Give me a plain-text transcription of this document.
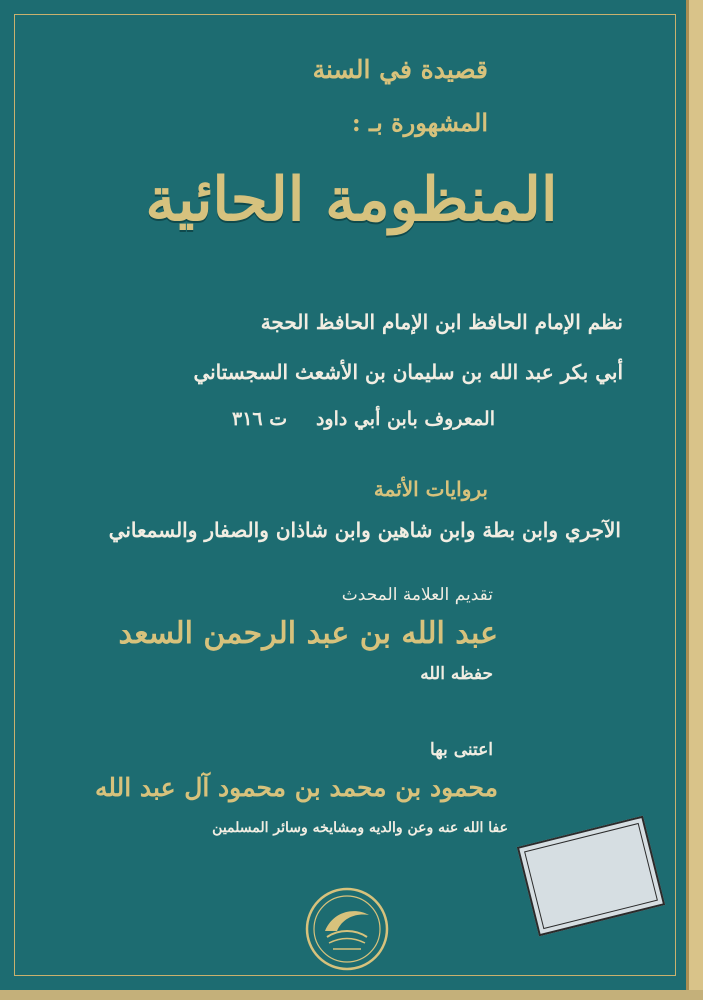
قصيدة في السنة
المشهورة بـ :
المنظومة الحائية
نظم الإمام الحافظ ابن الإمام الحافظ الحجة
أبي بكر عبد الله بن سليمان بن الأشعث السجستاني
المعروف بابن أبي داود
ت ٣١٦
بروايات الأئمة
الآجري وابن بطة وابن شاهين وابن شاذان والصفار والسمعاني
تقديم العلامة المحدث
عبد الله بن عبد الرحمن السعد
حفظه الله
اعتنى بها
محمود بن محمد بن محمود آل عبد الله
عفا الله عنه وعن والديه ومشايخه وسائر المسلمين
​
​
​
​
